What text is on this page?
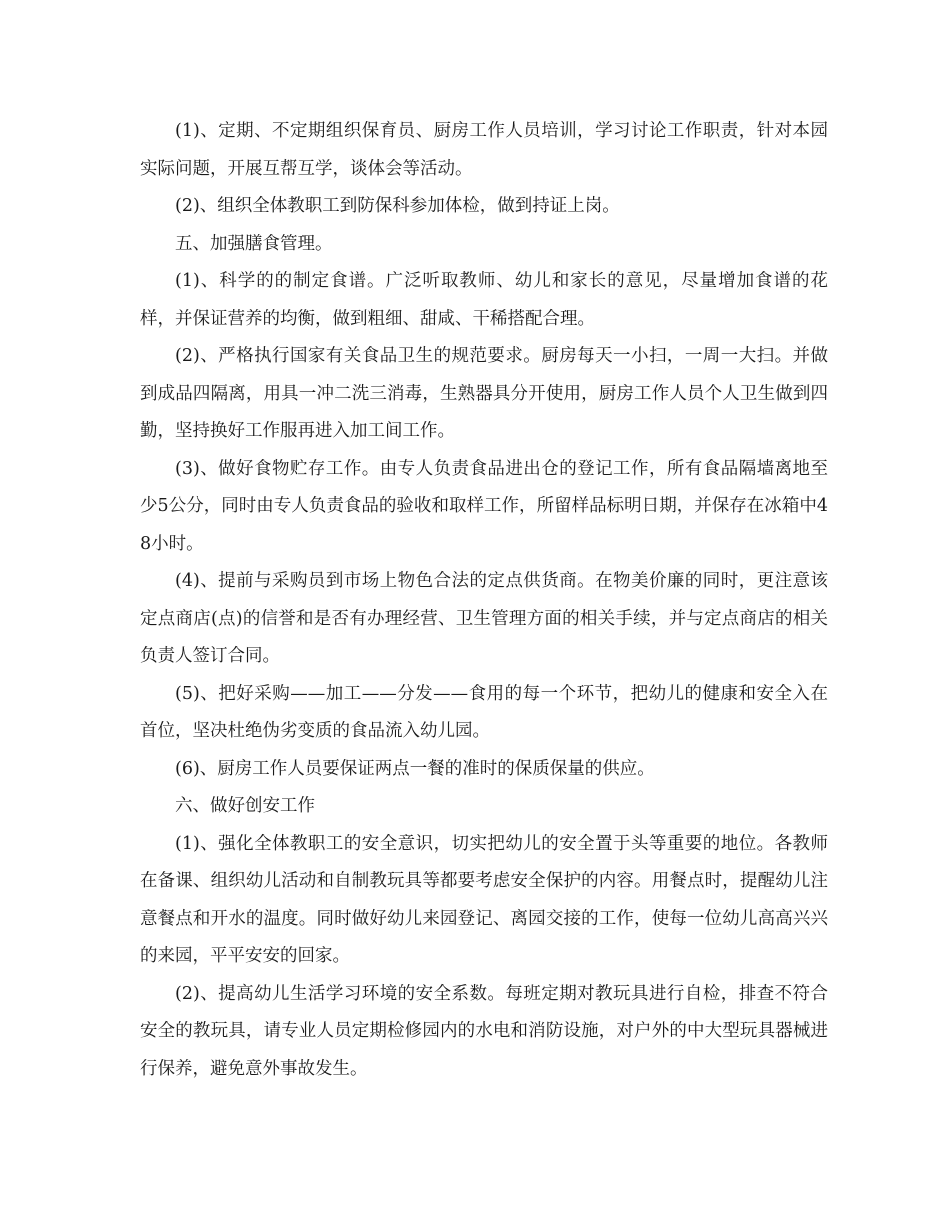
(1)、定期、不定期组织保育员、厨房工作人员培训，学习讨论工作职责，针对本园实际问题，开展互帮互学，谈体会等活动。

(2)、组织全体教职工到防保科参加体检，做到持证上岗。

五、加强膳食管理。

(1)、科学的的制定食谱。广泛听取教师、幼儿和家长的意见，尽量增加食谱的花样，并保证营养的均衡，做到粗细、甜咸、干稀搭配合理。

(2)、严格执行国家有关食品卫生的规范要求。厨房每天一小扫，一周一大扫。并做到成品四隔离，用具一冲二洗三消毒，生熟器具分开使用，厨房工作人员个人卫生做到四勤，坚持换好工作服再进入加工间工作。

(3)、做好食物贮存工作。由专人负责食品进出仓的登记工作，所有食品隔墙离地至少5公分，同时由专人负责食品的验收和取样工作，所留样品标明日期，并保存在冰箱中48小时。

(4)、提前与采购员到市场上物色合法的定点供货商。在物美价廉的同时，更注意该定点商店(点)的信誉和是否有办理经营、卫生管理方面的相关手续，并与定点商店的相关负责人签订合同。

(5)、把好采购——加工——分发——食用的每一个环节，把幼儿的健康和安全入在首位，坚决杜绝伪劣变质的食品流入幼儿园。

(6)、厨房工作人员要保证两点一餐的准时的保质保量的供应。

六、做好创安工作

(1)、强化全体教职工的安全意识，切实把幼儿的安全置于头等重要的地位。各教师在备课、组织幼儿活动和自制教玩具等都要考虑安全保护的内容。用餐点时，提醒幼儿注意餐点和开水的温度。同时做好幼儿来园登记、离园交接的工作，使每一位幼儿高高兴兴的来园，平平安安的回家。

(2)、提高幼儿生活学习环境的安全系数。每班定期对教玩具进行自检，排查不符合安全的教玩具，请专业人员定期检修园内的水电和消防设施，对户外的中大型玩具器械进行保养，避免意外事故发生。
